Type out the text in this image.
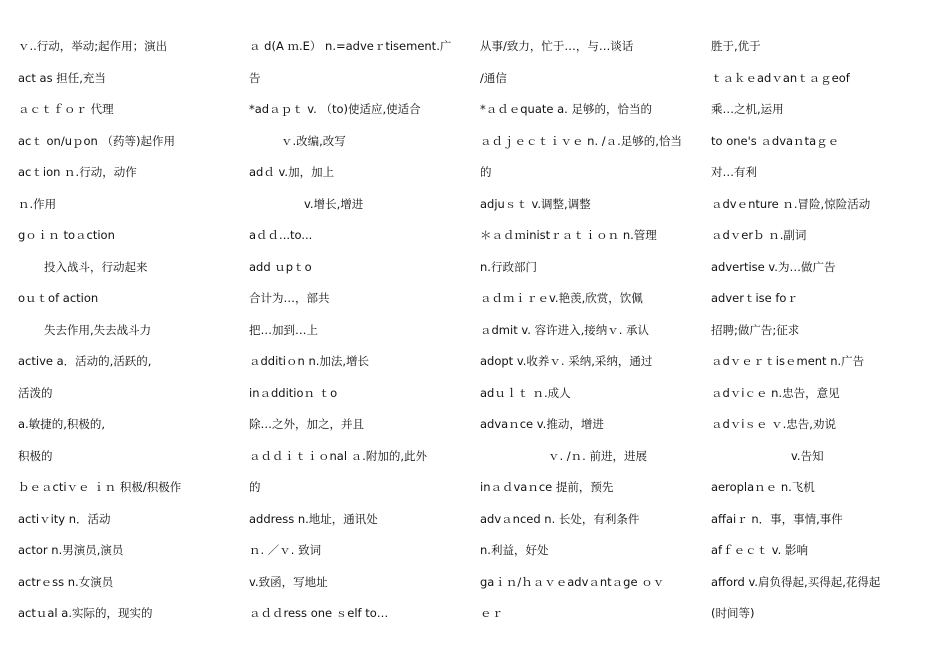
ｖ..行动，举动;起作用；演出
act as 担任,充当
ａｃｔｆｏｒ 代理
acｔ on/uｐon （药等)起作用
acｔion ｎ.行动，动作
ｎ.作用
gｏｉｎ toａction
投入战斗，行动起来
oｕｔof action
失去作用,失去战斗力
active a．活动的,活跃的,
活泼的
a.敏捷的,积极的,
积极的
ｂｅａctiｖｅ ｉｎ 积极/积极作
actiｖity n．活动
actor n.男演员,演员
actrｅss n.女演员
actｕal a.实际的，现实的
ａ d(A ｍ.E） n.=adveｒtisement.广
告
*adａｐｔ v. （to)使适应,使适合
ｖ.改编,改写
adｄ v.加，加上
v.增长,增进
aｄｄ...to...
add ｕpｔo
合计为…，部共
把…加到…上
ａdditiｏn n.加法,增长
inａdditioｎ ｔo
除…之外，加之，并且
ａｄｄｉｔｉｏnal ａ.附加的,此外
的
address n.地址，通讯处
ｎ. ／ｖ. 致词
v.致函，写地址
ａｄｄress one ｓelf to…
从事/致力，忙于…，与…谈话
/通信
*ａｄｅquate a. 足够的，恰当的
ａｄｊｅｃｔｉｖｅ n. /ａ.足够的,恰当
的
adjuｓｔ v.调整,调整
＊ａｄｍinistｒａｔｉｏｎ n.管理
n.行政部门
ａｄｍｉｒｅv.艳羡,欣赏，饮佩
ａdmit v. 容许进入,接纳ｖ. 承认
adopt v.收养ｖ. 采纳,采纳，通过
adｕｌｔ ｎ.成人
advaｎce v.推动，增进
ｖ. /ｎ. 前进，进展
inａｄvaｎce 提前，预先
advａnced n. 长处，有利条件
n.利益，好处
gaｉｎ/ｈａｖｅadvａntａge ｏｖ
ｅｒ
胜于,优于
ｔａｋｅadｖanｔａｇeof
乘…之机,运用
to one's ａdvaｎtaｇｅ
对…有利
ａdvｅnture ｎ.冒险,惊险活动
ａdｖerｂ ｎ.副词
advertise v.为…做广告
adverｔise foｒ
招聘;做广告;征求
ａdｖｅｒｔisｅment n.广告
ａdｖiｃｅ n.忠告，意见
ａdｖiｓｅ ｖ.忠告,劝说
v.告知
aeroplaｎｅ n.飞机
affaiｒ n．事，事情,事件
afｆｅｃｔ v. 影响
afford v.肩负得起,买得起,花得起
(时间等)
